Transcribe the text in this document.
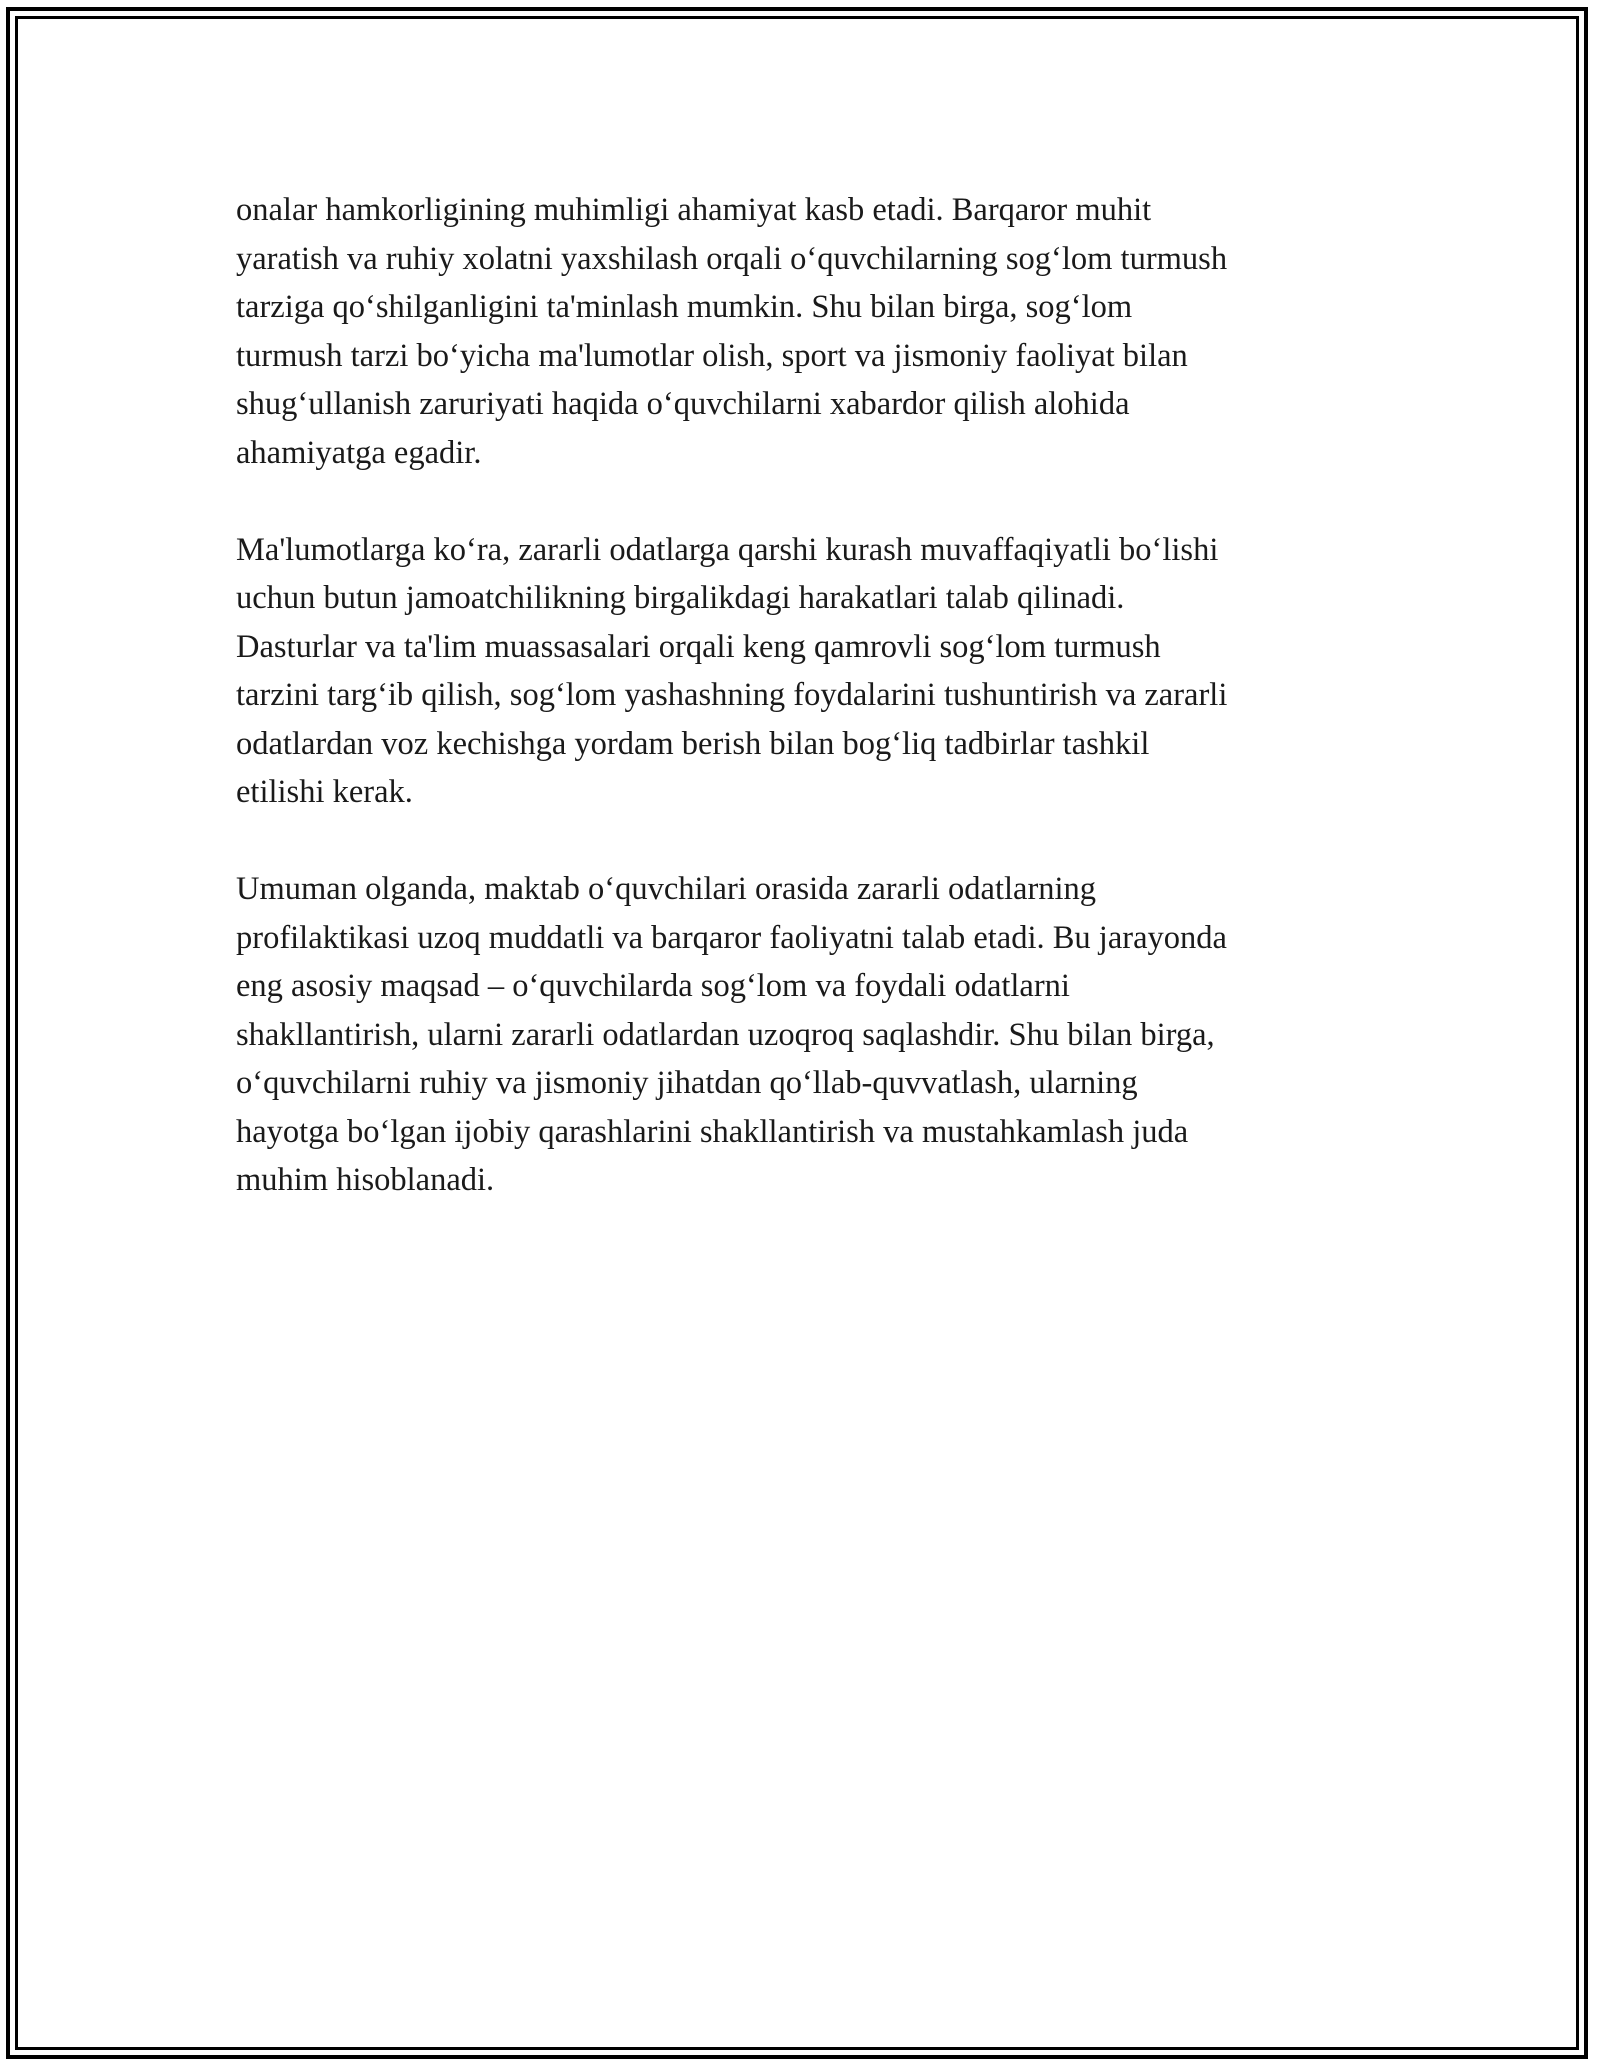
onalar hamkorligining muhimligi ahamiyat kasb etadi. Barqaror muhit
yaratish va ruhiy xolatni yaxshilash orqali o‘quvchilarning sog‘lom turmush
tarziga qo‘shilganligini ta'minlash mumkin. Shu bilan birga, sog‘lom
turmush tarzi bo‘yicha ma'lumotlar olish, sport va jismoniy faoliyat bilan
shug‘ullanish zaruriyati haqida o‘quvchilarni xabardor qilish alohida
ahamiyatga egadir.

Ma'lumotlarga ko‘ra, zararli odatlarga qarshi kurash muvaffaqiyatli bo‘lishi
uchun butun jamoatchilikning birgalikdagi harakatlari talab qilinadi.
Dasturlar va ta'lim muassasalari orqali keng qamrovli sog‘lom turmush
tarzini targ‘ib qilish, sog‘lom yashashning foydalarini tushuntirish va zararli
odatlardan voz kechishga yordam berish bilan bog‘liq tadbirlar tashkil
etilishi kerak.

Umuman olganda, maktab o‘quvchilari orasida zararli odatlarning
profilaktikasi uzoq muddatli va barqaror faoliyatni talab etadi. Bu jarayonda
eng asosiy maqsad – o‘quvchilarda sog‘lom va foydali odatlarni
shakllantirish, ularni zararli odatlardan uzoqroq saqlashdir. Shu bilan birga,
o‘quvchilarni ruhiy va jismoniy jihatdan qo‘llab-quvvatlash, ularning
hayotga bo‘lgan ijobiy qarashlarini shakllantirish va mustahkamlash juda
muhim hisoblanadi.
